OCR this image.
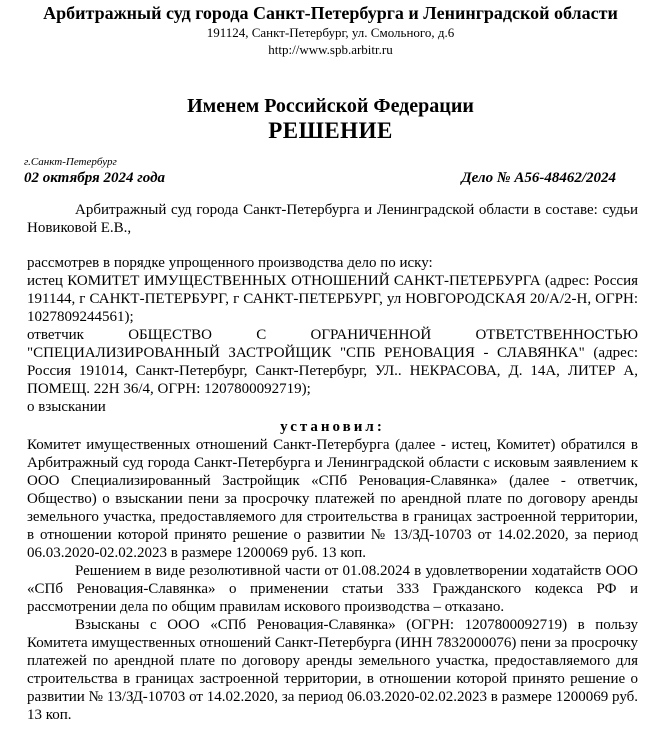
Арбитражный суд города Санкт-Петербурга и Ленинградской области
191124, Санкт-Петербург, ул. Смольного, д.6
http://www.spb.arbitr.ru
Именем Российской Федерации
РЕШЕНИЕ
г.Санкт-Петербург
02 октября 2024 года	Дело № А56-48462/2024

Арбитражный суд города Санкт-Петербурга и Ленинградской области в составе: судьи Новиковой Е.В.,

рассмотрев в порядке упрощенного производства дело по иску:

истец КОМИТЕТ ИМУЩЕСТВЕННЫХ ОТНОШЕНИЙ САНКТ-ПЕТЕРБУРГА (адрес: Россия 191144, г САНКТ-ПЕТЕРБУРГ, г САНКТ-ПЕТЕРБУРГ, ул НОВГОРОДСКАЯ 20/А/2-Н, ОГРН: 1027809244561);

ответчик ОБЩЕСТВО С ОГРАНИЧЕННОЙ ОТВЕТСТВЕННОСТЬЮ "СПЕЦИАЛИЗИРОВАННЫЙ ЗАСТРОЙЩИК "СПБ РЕНОВАЦИЯ - СЛАВЯНКА" (адрес: Россия 191014, Санкт-Петербург, Санкт-Петербург, УЛ.. НЕКРАСОВА, Д. 14А, ЛИТЕР А, ПОМЕЩ. 22Н 36/4, ОГРН: 1207800092719);

о взыскании

установил:

Комитет имущественных отношений Санкт-Петербурга (далее - истец, Комитет) обратился в Арбитражный суд города Санкт-Петербурга и Ленинградской области с исковым заявлением к ООО Специализированный Застройщик «СПб Реновация-Славянка» (далее - ответчик, Общество) о взыскании пени за просрочку платежей по арендной плате по договору аренды земельного участка, предоставляемого для строительства в границах застроенной территории, в отношении которой принято решение о развитии № 13/ЗД-10703 от 14.02.2020, за период 06.03.2020-02.02.2023 в размере 1200069 руб. 13 коп.

Решением в виде резолютивной части от 01.08.2024 в удовлетворении ходатайств ООО «СПб Реновация-Славянка» о применении статьи 333 Гражданского кодекса РФ и рассмотрении дела по общим правилам искового производства – отказано.

Взысканы с ООО «СПб Реновация-Славянка» (ОГРН: 1207800092719) в пользу Комитета имущественных отношений Санкт-Петербурга (ИНН 7832000076) пени за просрочку платежей по арендной плате по договору аренды земельного участка, предоставляемого для строительства в границах застроенной территории, в отношении которой принято решение о развитии № 13/ЗД-10703 от 14.02.2020, за период 06.03.2020-02.02.2023 в размере 1200069 руб. 13 коп.
